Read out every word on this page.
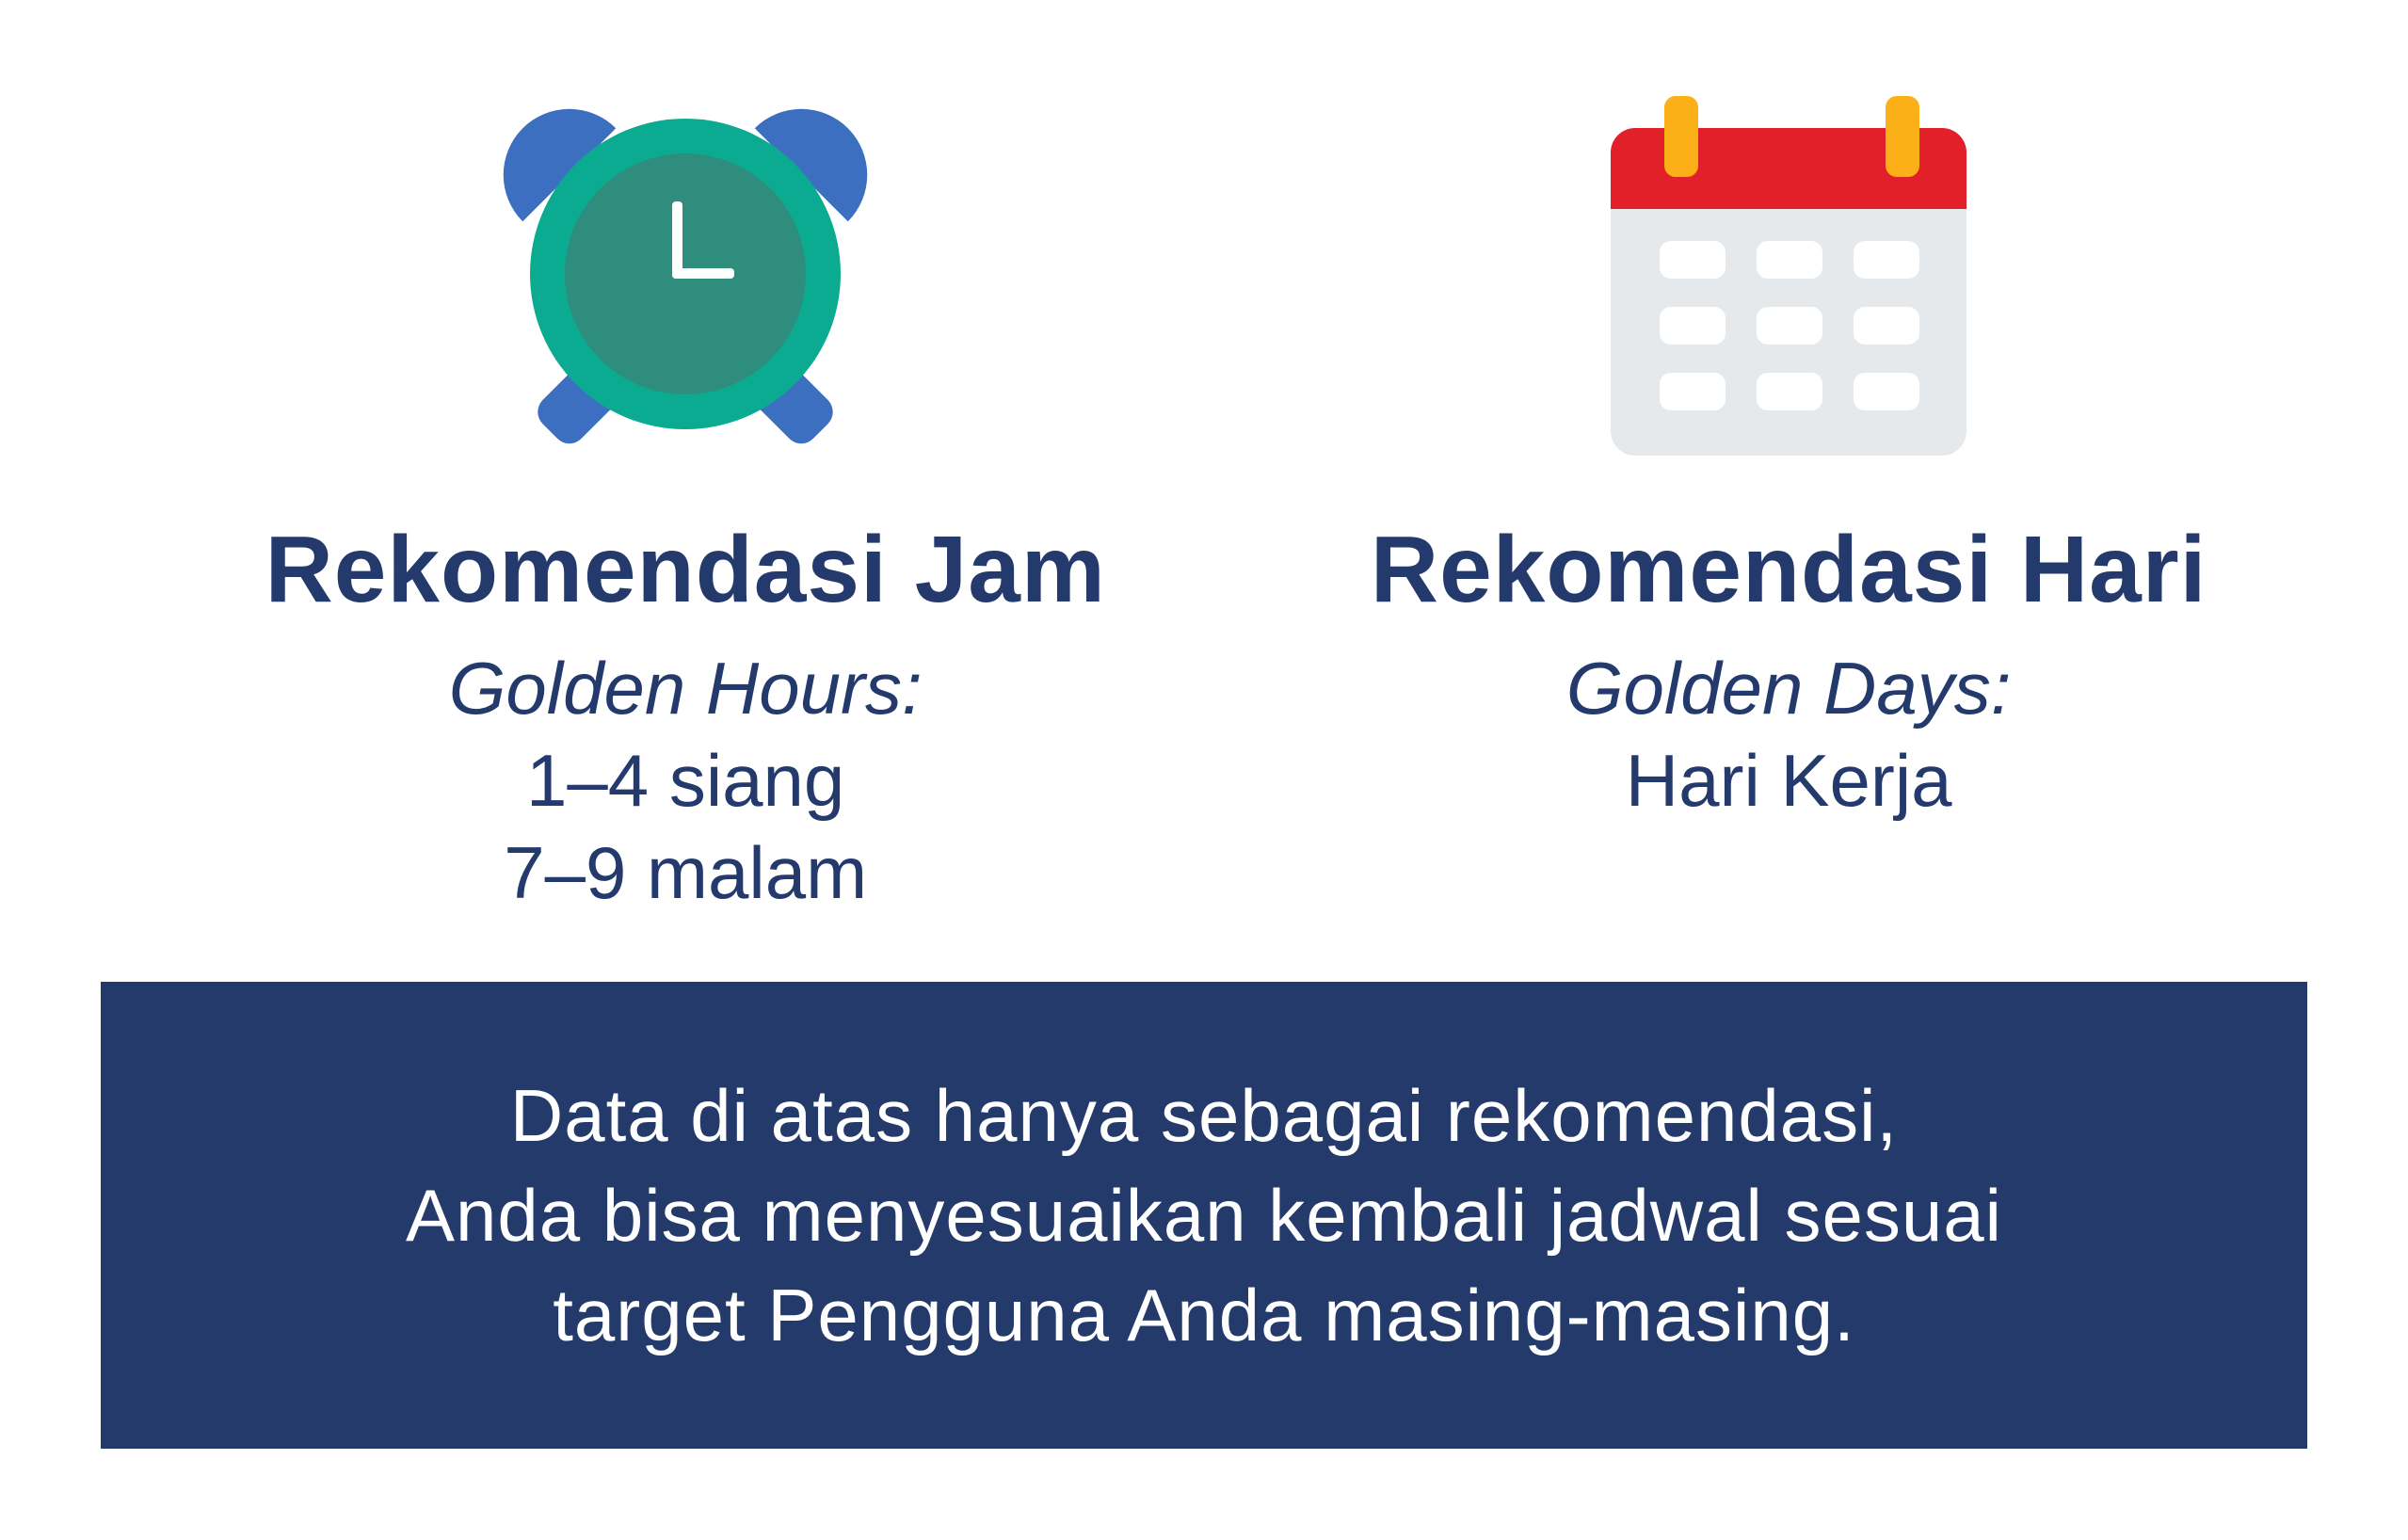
Rekomendasi Jam
Golden Hours:
1–4 siang
7–9 malam
Rekomendasi Hari
Golden Days:
Hari Kerja

Data di atas hanya sebagai rekomendasi,

Anda bisa menyesuaikan kembali jadwal sesuai

target Pengguna Anda masing-masing.
